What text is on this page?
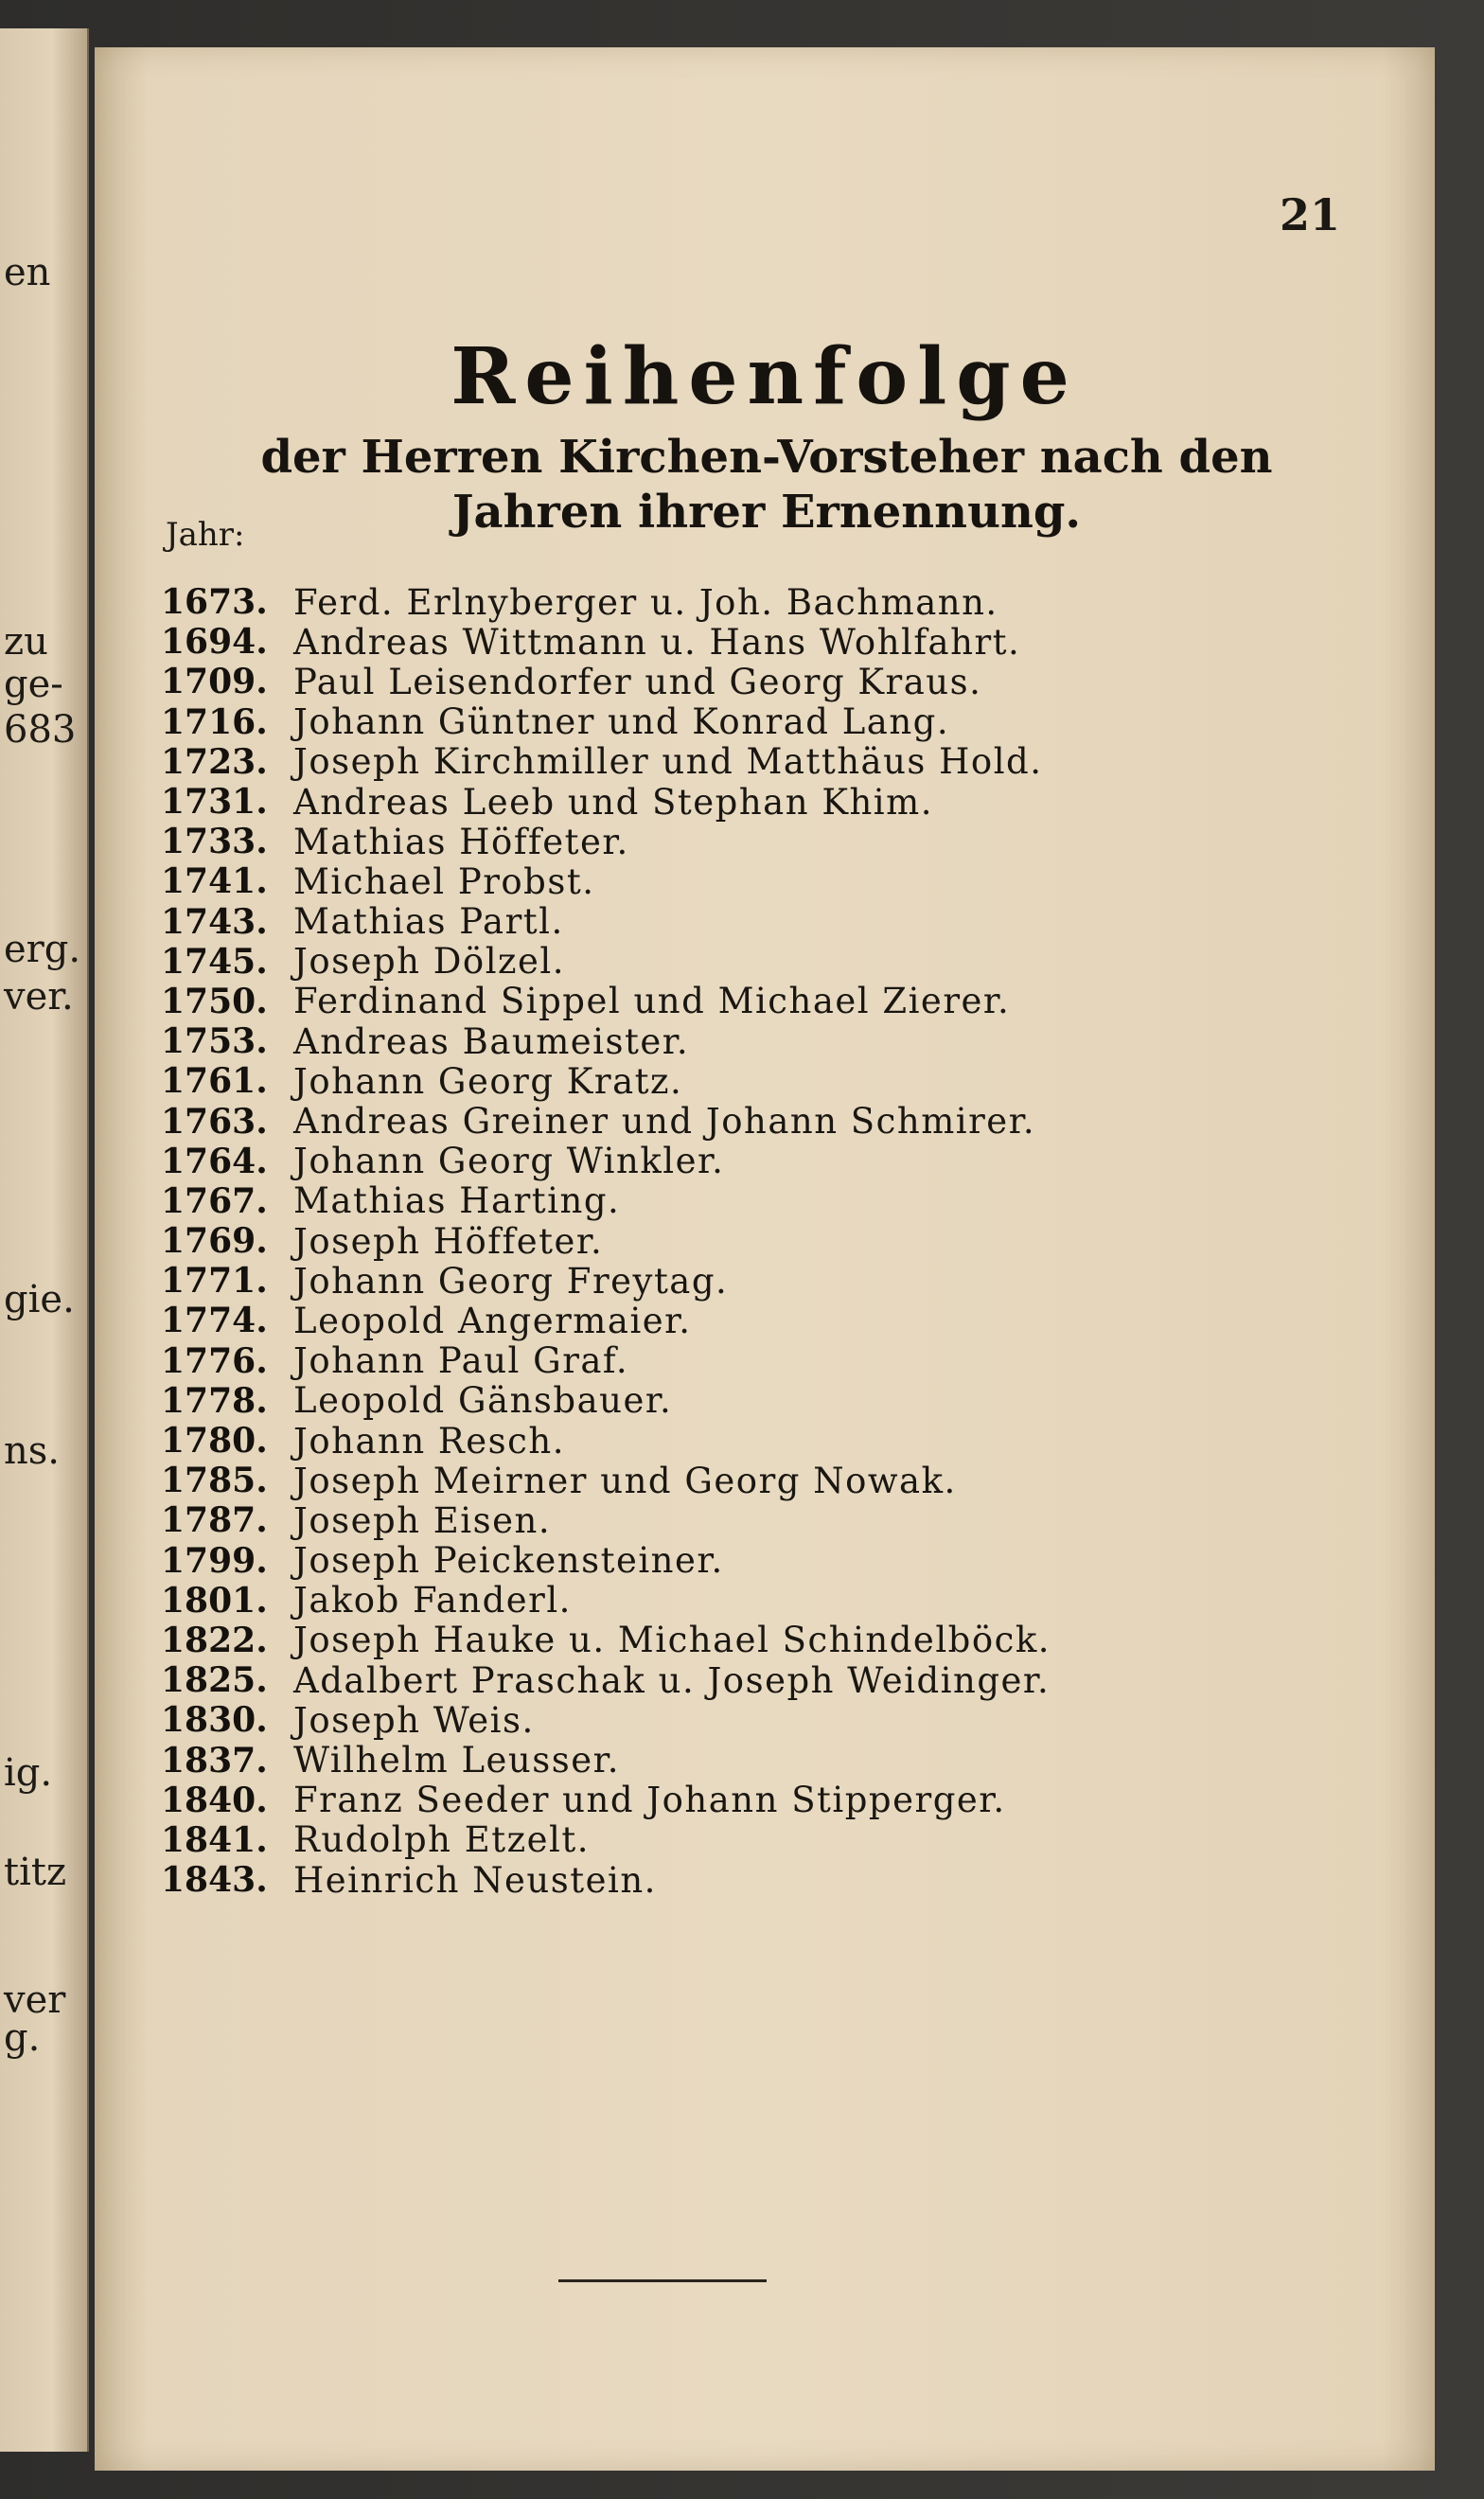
en
zu
ge-
683
erg.
ver.
gie.
ns.
ig.
titz
ver
g.
21
Reihenfolge
der Herren Kirchen-Vorsteher nach den
Jahren ihrer Ernennung.
Jahr:
1673. Ferd. Erlnyberger u. Joh. Bachmann.
1694. Andreas Wittmann u. Hans Wohlfahrt.
1709. Paul Leisendorfer und Georg Kraus.
1716. Johann Güntner und Konrad Lang.
1723. Joseph Kirchmiller und Matthäus Hold.
1731. Andreas Leeb und Stephan Khim.
1733. Mathias Höffeter.
1741. Michael Probst.
1743. Mathias Partl.
1745. Joseph Dölzel.
1750. Ferdinand Sippel und Michael Zierer.
1753. Andreas Baumeister.
1761. Johann Georg Kratz.
1763. Andreas Greiner und Johann Schmirer.
1764. Johann Georg Winkler.
1767. Mathias Harting.
1769. Joseph Höffeter.
1771. Johann Georg Freytag.
1774. Leopold Angermaier.
1776. Johann Paul Graf.
1778. Leopold Gänsbauer.
1780. Johann Resch.
1785. Joseph Meirner und Georg Nowak.
1787. Joseph Eisen.
1799. Joseph Peickensteiner.
1801. Jakob Fanderl.
1822. Joseph Hauke u. Michael Schindelböck.
1825. Adalbert Praschak u. Joseph Weidinger.
1830. Joseph Weis.
1837. Wilhelm Leusser.
1840. Franz Seeder und Johann Stipperger.
1841. Rudolph Etzelt.
1843. Heinrich Neustein.
